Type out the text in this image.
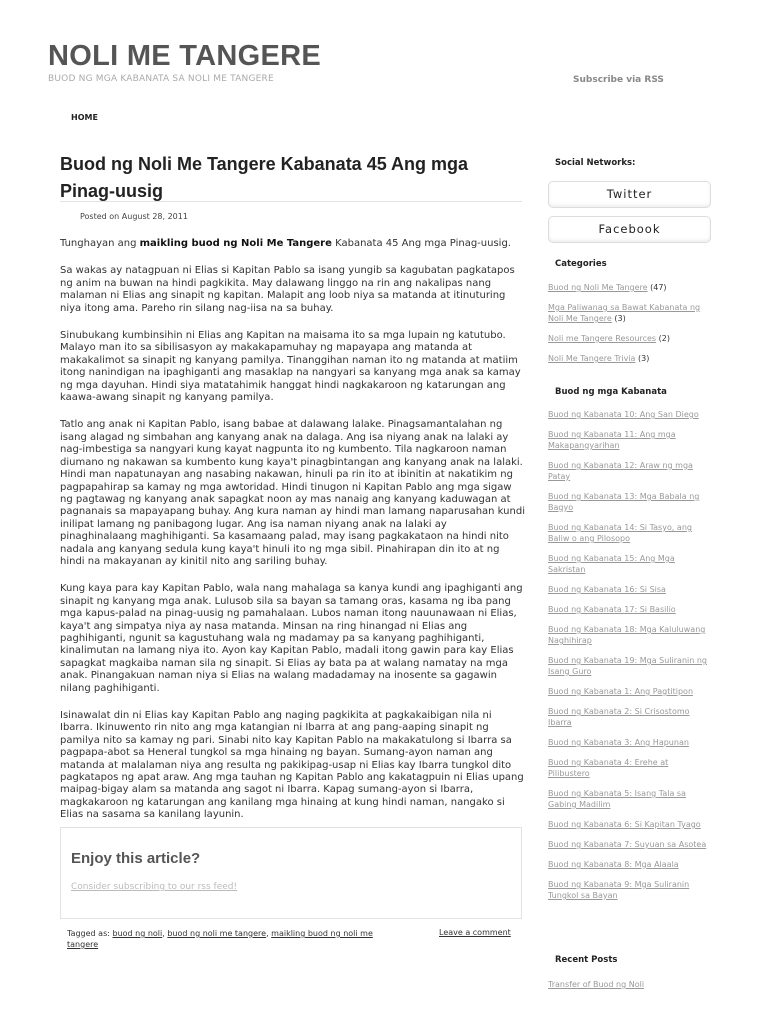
NOLI ME TANGERE
BUOD NG MGA KABANATA SA NOLI ME TANGERE	Subscribe via RSS
HOME
Buod ng Noli Me Tangere Kabanata 45 Ang mga Pinag-uusig
Posted on August 28, 2011

Tunghayan ang maikling buod ng Noli Me Tangere Kabanata 45 Ang mga Pinag-uusig.

Sa wakas ay natagpuan ni Elias si Kapitan Pablo sa isang yungib sa kagubatan pagkatapos ng anim na buwan na hindi pagkikita. May dalawang linggo na rin ang nakalipas nang malaman ni Elias ang sinapit ng kapitan. Malapit ang loob niya sa matanda at itinuturing niya itong ama. Pareho rin silang nag-iisa na sa buhay.

Sinubukang kumbinsihin ni Elias ang Kapitan na maisama ito sa mga lupain ng katutubo. Malayo man ito sa sibilisasyon ay makakapamuhay ng mapayapa ang matanda at makakalimot sa sinapit ng kanyang pamilya. Tinanggihan naman ito ng matanda at matiim itong nanindigan na ipaghiganti ang masaklap na nangyari sa kanyang mga anak sa kamay ng mga dayuhan. Hindi siya matatahimik hanggat hindi nagkakaroon ng katarungan ang kaawa-awang sinapit ng kanyang pamilya.

Tatlo ang anak ni Kapitan Pablo, isang babae at dalawang lalake. Pinagsamantalahan ng isang alagad ng simbahan ang kanyang anak na dalaga. Ang isa niyang anak na lalaki ay nag-imbestiga sa nangyari kung kayat nagpunta ito ng kumbento. Tila nagkaroon naman diumano ng nakawan sa kumbento kung kaya't pinagbintangan ang kanyang anak na lalaki. Hindi man napatunayan ang nasabing nakawan, hinuli pa rin ito at ibinitin at nakatikim ng pagpapahirap sa kamay ng mga awtoridad. Hindi tinugon ni Kapitan Pablo ang mga sigaw ng pagtawag ng kanyang anak sapagkat noon ay mas nanaig ang kanyang kaduwagan at pagnanais sa mapayapang buhay. Ang kura naman ay hindi man lamang naparusahan kundi inilipat lamang ng panibagong lugar. Ang isa naman niyang anak na lalaki ay pinaghinalaang maghihiganti. Sa kasamaang palad, may isang pagkakataon na hindi nito nadala ang kanyang sedula kung kaya't hinuli ito ng mga sibil. Pinahirapan din ito at ng hindi na makayanan ay kinitil nito ang sariling buhay.

Kung kaya para kay Kapitan Pablo, wala nang mahalaga sa kanya kundi ang ipaghiganti ang sinapit ng kanyang mga anak. Lulusob sila sa bayan sa tamang oras, kasama ng iba pang mga kapus-palad na pinag-uusig ng pamahalaan. Lubos naman itong nauunawaan ni Elias, kaya't ang simpatya niya ay nasa matanda. Minsan na ring hinangad ni Elias ang paghihiganti, ngunit sa kagustuhang wala ng madamay pa sa kanyang paghihiganti, kinalimutan na lamang niya ito. Ayon kay Kapitan Pablo, madali itong gawin para kay Elias sapagkat magkaiba naman sila ng sinapit. Si Elias ay bata pa at walang namatay na mga anak. Pinangakuan naman niya si Elias na walang madadamay na inosente sa gagawin nilang paghihiganti.

Isinawalat din ni Elias kay Kapitan Pablo ang naging pagkikita at pagkakaibigan nila ni Ibarra. Ikinuwento rin nito ang mga katangian ni Ibarra at ang pang-aaping sinapit ng pamilya nito sa kamay ng pari. Sinabi nito kay Kapitan Pablo na makakatulong si Ibarra sa pagpapa-abot sa Heneral tungkol sa mga hinaing ng bayan. Sumang-ayon naman ang matanda at malalaman niya ang resulta ng pakikipag-usap ni Elias kay Ibarra tungkol dito pagkatapos ng apat araw. Ang mga tauhan ng Kapitan Pablo ang kakatagpuin ni Elias upang maipag-bigay alam sa matanda ang sagot ni Ibarra. Kapag sumang-ayon si Ibarra, magkakaroon ng katarungan ang kanilang mga hinaing at kung hindi naman, nangako si Elias na sasama sa kanilang layunin.

Enjoy this article?
Consider subscribing to our rss feed!
Tagged as: buod ng noli, buod ng noli me tangere, maikling buod ng noli me tangere
Leave a comment
Social Networks:
Twitter
Facebook
Categories
Buod ng Noli Me Tangere (47)
Mga Paliwanag sa Bawat Kabanata ng Noli Me Tangere (3)
Noli me Tangere Resources (2)
Noli Me Tangere Trivia (3)
Buod ng mga Kabanata
Buod ng Kabanata 10: Ang San Diego
Buod ng Kabanata 11: Ang mga Makapangyarihan
Buod ng Kabanata 12: Araw ng mga Patay
Buod ng Kabanata 13: Mga Babala ng Bagyo
Buod ng Kabanata 14: Si Tasyo, ang Baliw o ang Pilosopo
Buod ng Kabanata 15: Ang Mga Sakristan
Buod ng Kabanata 16: Si Sisa
Buod ng Kabanata 17: Si Basilio
Buod ng Kabanata 18: Mga Kaluluwang Naghihirap
Buod ng Kabanata 19: Mga Suliranin ng Isang Guro
Buod ng Kabanata 1: Ang Pagtitipon
Buod ng Kabanata 2: Si Crisostomo Ibarra
Buod ng Kabanata 3: Ang Hapunan
Buod ng Kabanata 4: Erehe at Pilibustero
Buod ng Kabanata 5: Isang Tala sa Gabing Madilim
Buod ng Kabanata 6: Si Kapitan Tyago
Buod ng Kabanata 7: Suyuan sa Asotea
Buod ng Kabanata 8: Mga Alaala
Buod ng Kabanata 9: Mga Suliranin Tungkol sa Bayan
Recent Posts
Transfer of Buod ng Noli
